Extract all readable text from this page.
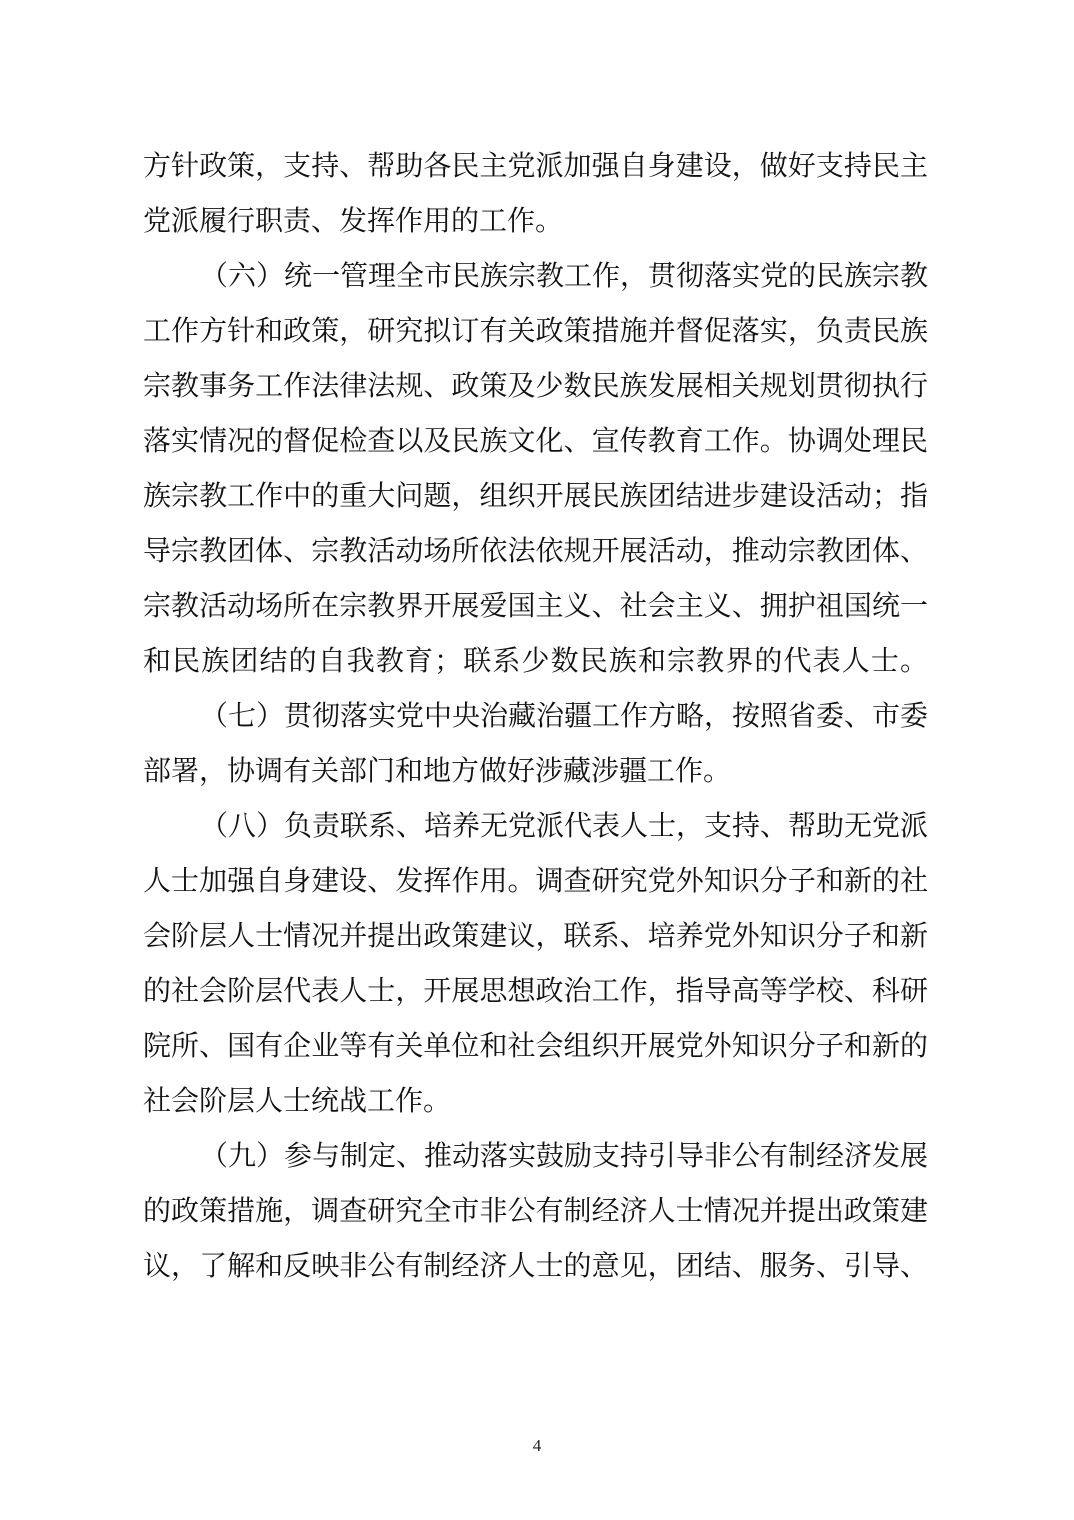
方针政策，支持、帮助各民主党派加强自身建设，做好支持民主
党派履行职责、发挥作用的工作。
（六）统一管理全市民族宗教工作，贯彻落实党的民族宗教
工作方针和政策，研究拟订有关政策措施并督促落实，负责民族
宗教事务工作法律法规、政策及少数民族发展相关规划贯彻执行
落实情况的督促检查以及民族文化、宣传教育工作。协调处理民
族宗教工作中的重大问题，组织开展民族团结进步建设活动；指
导宗教团体、宗教活动场所依法依规开展活动，推动宗教团体、
宗教活动场所在宗教界开展爱国主义、社会主义、拥护祖国统一
和民族团结的自我教育；联系少数民族和宗教界的代表人士。
（七）贯彻落实党中央治藏治疆工作方略，按照省委、市委
部署，协调有关部门和地方做好涉藏涉疆工作。
（八）负责联系、培养无党派代表人士，支持、帮助无党派
人士加强自身建设、发挥作用。调查研究党外知识分子和新的社
会阶层人士情况并提出政策建议，联系、培养党外知识分子和新
的社会阶层代表人士，开展思想政治工作，指导高等学校、科研
院所、国有企业等有关单位和社会组织开展党外知识分子和新的
社会阶层人士统战工作。
（九）参与制定、推动落实鼓励支持引导非公有制经济发展
的政策措施，调查研究全市非公有制经济人士情况并提出政策建
议，了解和反映非公有制经济人士的意见，团结、服务、引导、
4
